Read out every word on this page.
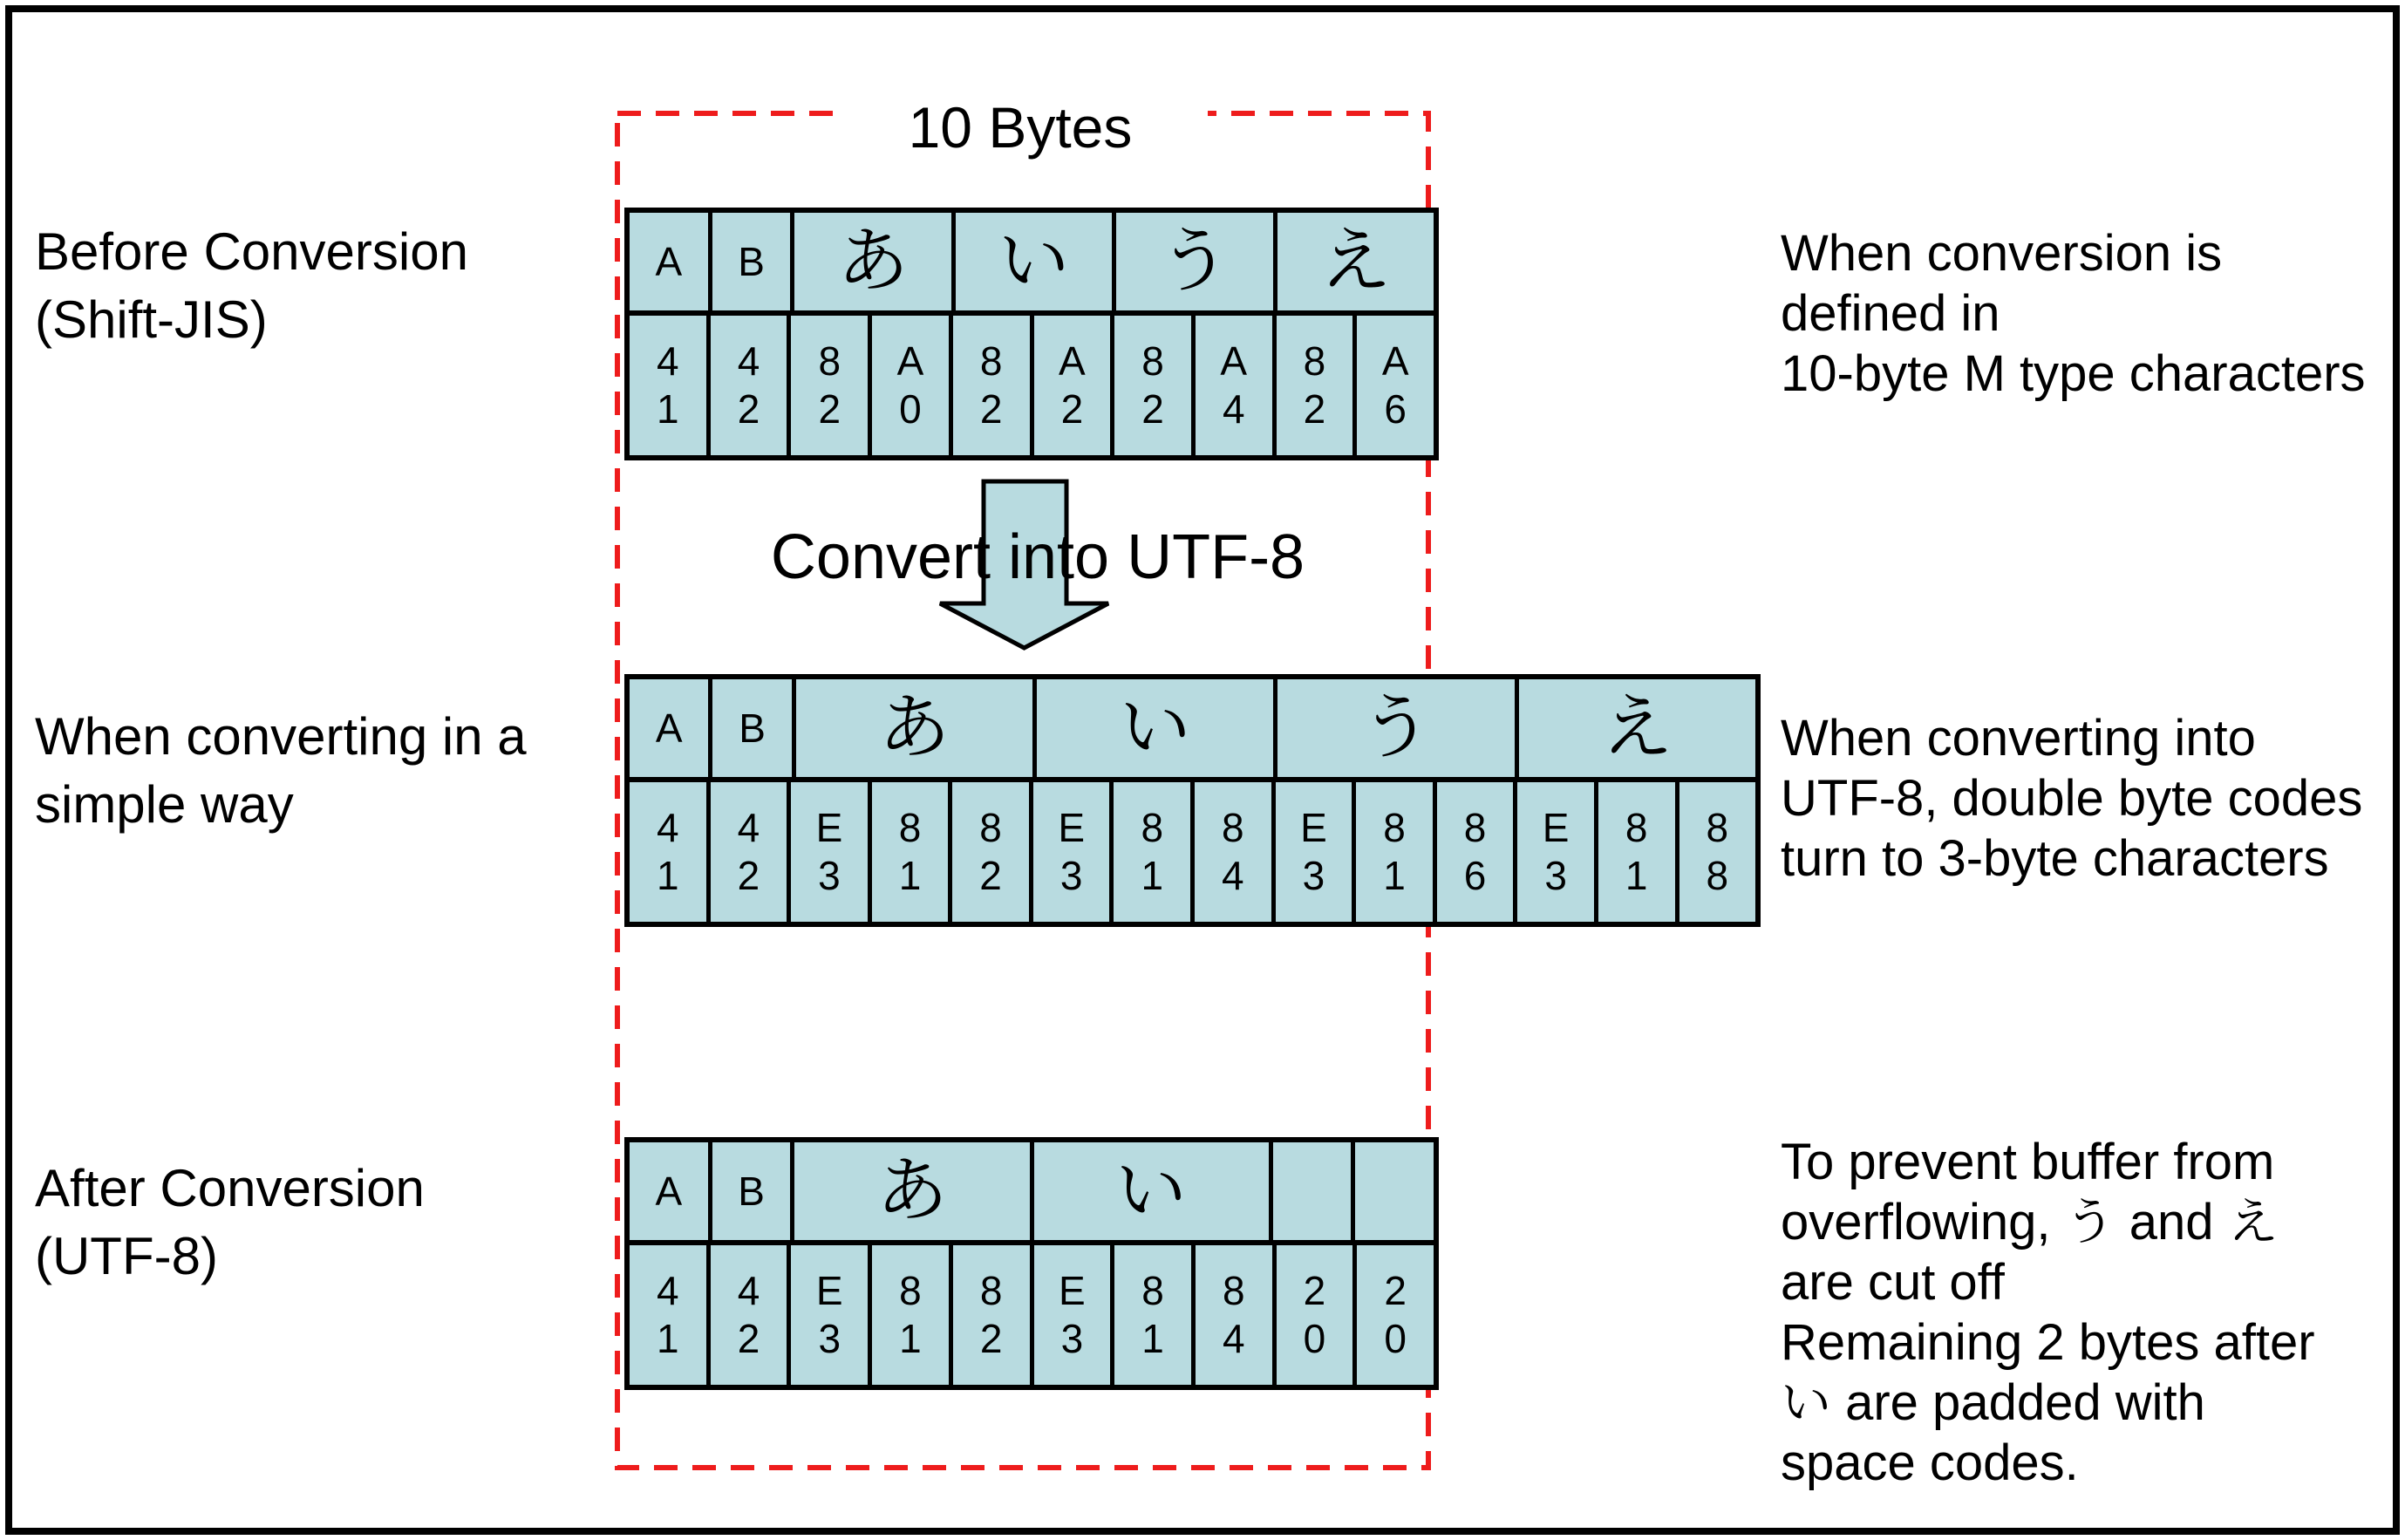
10 Bytes
Convert into UTF-8
Before Conversion
(Shift-JIS)
When converting in a
simple way
After Conversion
(UTF-8)
A B あ い う え
4
1
4
2
8
2
A
0
8
2
A
2
8
2
A
4
8
2
A
6
A B あ い う え
4
1
4
2
E
3
8
1
8
2
E
3
8
1
8
4
E
3
8
1
8
6
E
3
8
1
8
8
A B あ い
4
1
4
2
E
3
8
1
8
2
E
3
8
1
8
4
2
0
2
0
When conversion is
defined in
10-byte M type characters
When converting into
UTF-8, double byte codes
turn to 3-byte characters
To prevent buffer from
overflowing, う and え
are cut off
Remaining 2 bytes after
い are padded with
space codes.
